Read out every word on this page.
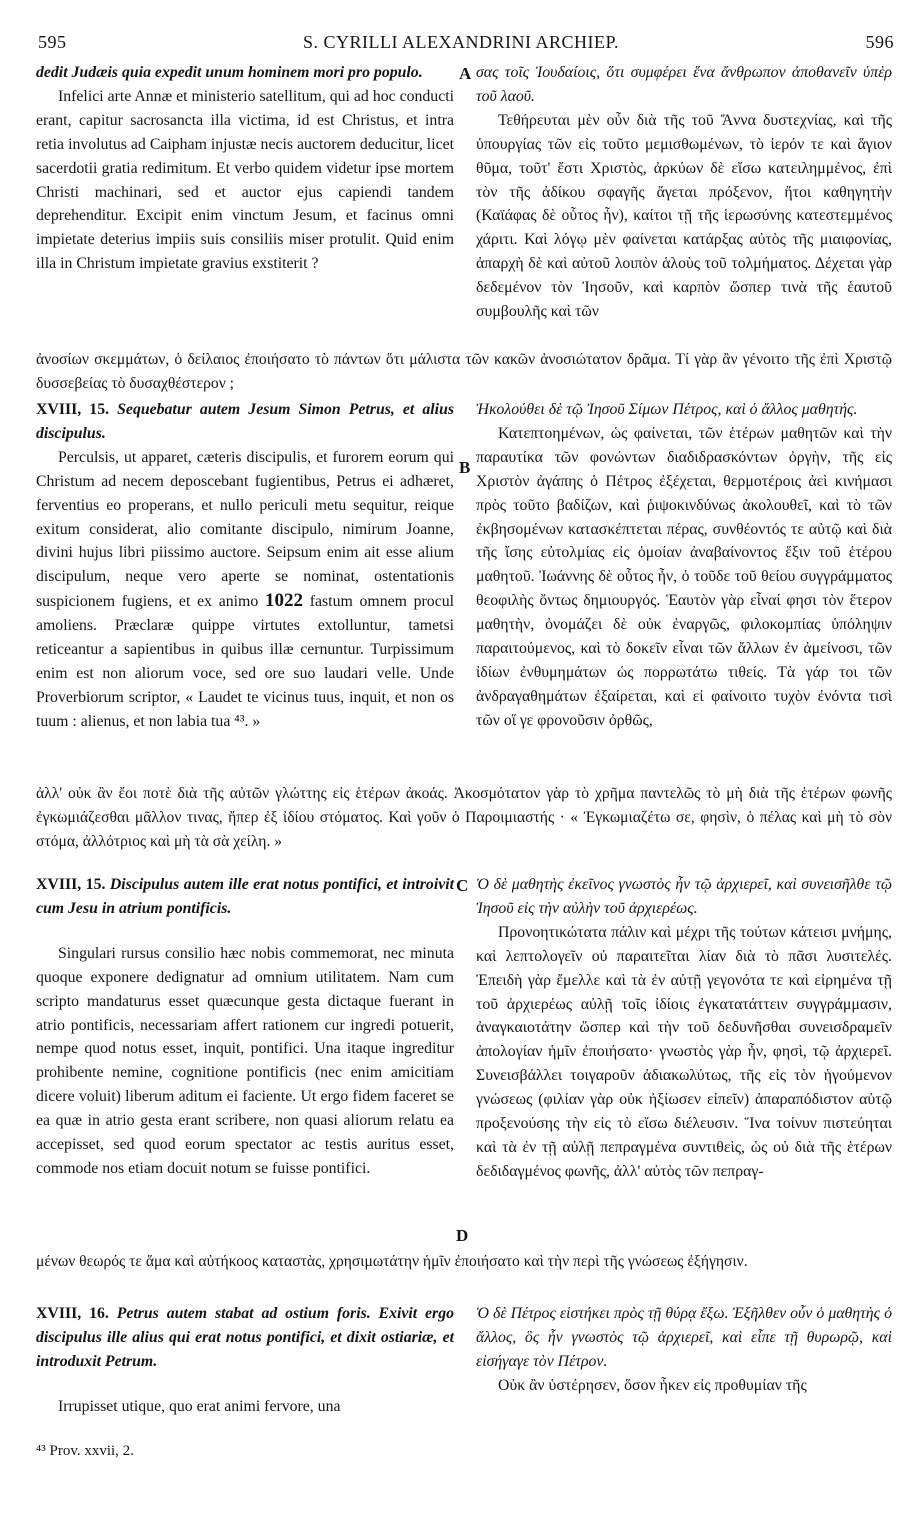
595	S. CYRILLI ALEXANDRINI ARCHIEP.	596

dedit Judæis quia expedit unum hominem mori pro populo.

Infelici arte Annæ et ministerio satellitum, qui ad hoc conducti erant, capitur sacrosancta illa victima, id est Christus, et intra retia involutus ad Caipham injustæ necis auctorem deducitur, licet sacerdotii gratia redimitum. Et verbo quidem videtur ipse mortem Christi machinari, sed et auctor ejus capiendi tandem deprehenditur. Excipit enim vinctum Jesum, et facinus omni impietate deterius impiis suis consiliis miser protulit. Quid enim illa in Christum impietate gravius exstiterit ?

A σας τοῖς Ἰουδαίοις, ὅτι συμφέρει ἕνα ἄνθρωπον ἀποθανεῖν ὑπὲρ τοῦ λαοῦ.

Τεθήρευται μὲν οὖν διὰ τῆς τοῦ Ἄννα δυστεχνίας, καὶ τῆς ὑπουργίας τῶν εἰς τοῦτο μεμισθωμένων, τὸ ἱερόν τε καὶ ἅγιον θῦμα, τοῦτ' ἔστι Χριστὸς, ἀρκύων δὲ εἴσω κατειλημμένος, ἐπὶ τὸν τῆς ἀδίκου σφαγῆς ἄγεται πρόξενον, ἤτοι καθηγητὴν (Καϊάφας δὲ οὗτος ἦν), καίτοι τῇ τῆς ἱερωσύνης κατεστεμμένος χάριτι. Καὶ λόγῳ μὲν φαίνεται κατάρξας αὐτὸς τῆς μιαιφονίας, ἀπαρχὴ δὲ καὶ αὐτοῦ λοιπὸν ἁλοὺς τοῦ τολμήματος. Δέχεται γὰρ δεδεμένον τὸν Ἰησοῦν, καὶ καρπὸν ὥσπερ τινὰ τῆς ἑαυτοῦ συμβουλῆς καὶ τῶν

ἀνοσίων σκεμμάτων, ὁ δείλαιος ἐποιήσατο τὸ πάντων ὅτι μάλιστα τῶν κακῶν ἀνοσιώτατον δρᾶμα. Τί γὰρ ἂν γένοιτο τῆς ἐπὶ Χριστῷ δυσσεβείας τὸ δυσαχθέστερον ;

XVIII, 15. Sequebatur autem Jesum Simon Petrus, et alius discipulus.

Perculsis, ut apparet, cæteris discipulis, et furorem eorum qui Christum ad necem deposcebant fugientibus, Petrus ei adhæret, ferventius eo properans, et nullo periculi metu sequitur, reique exitum considerat, alio comitante discipulo, nimirum Joanne, divini hujus libri piissimo auctore. Seipsum enim ait esse alium discipulum, neque vero aperte se nominat, ostentationis suspicionem fugiens, et ex animo 1022 fastum omnem procul amoliens. Præclaræ quippe virtutes extolluntur, tametsi reticeantur a sapientibus in quibus illæ cernuntur. Turpissimum enim est non aliorum voce, sed ore suo laudari velle. Unde Proverbiorum scriptor, « Laudet te vicinus tuus, inquit, et non os tuum : alienus, et non labia tua ⁴³. »

B

Ἠκολούθει δὲ τῷ Ἰησοῦ Σίμων Πέτρος, καὶ ὁ ἄλλος μαθητής.

Κατεπτοημένων, ὡς φαίνεται, τῶν ἑτέρων μαθητῶν καὶ τὴν παραυτίκα τῶν φονώντων διαδιδρασκόντων ὀργὴν, τῆς εἰς Χριστὸν ἀγάπης ὁ Πέτρος ἐξέχεται, θερμοτέροις ἀεὶ κινήμασι πρὸς τοῦτο βαδίζων, καὶ ῥιψοκινδύνως ἀκολουθεῖ, καὶ τὸ τῶν ἐκβησομένων κατασκέπτεται πέρας, συνθέοντός τε αὐτῷ καὶ διὰ τῆς ἴσης εὐτολμίας εἰς ὁμοίαν ἀναβαίνοντος ἕξιν τοῦ ἑτέρου μαθητοῦ. Ἰωάννης δὲ οὗτος ἦν, ὁ τοῦδε τοῦ θείου συγγράμματος θεοφιλὴς ὄντως δημιουργός. Ἑαυτὸν γὰρ εἶναί φησι τὸν ἕτερον μαθητὴν, ὀνομάζει δὲ οὐκ ἐναργῶς, φιλοκομπίας ὑπόληψιν παραιτούμενος, καὶ τὸ δοκεῖν εἶναι τῶν ἄλλων ἐν ἀμείνοσι, τῶν ἰδίων ἐνθυμημάτων ὡς πορρωτάτω τιθείς. Τὰ γάρ τοι τῶν ἀνδραγαθημάτων ἐξαίρεται, καὶ εἰ φαίνοιτο τυχὸν ἐνόντα τισὶ τῶν οἵ γε φρονοῦσιν ὀρθῶς,

ἀλλ' οὐκ ἂν ἔοι ποτὲ διὰ τῆς αὐτῶν γλώττης εἰς ἑτέρων ἀκοάς. Ἀκοσμότατον γὰρ τὸ χρῆμα παντελῶς τὸ μὴ διὰ τῆς ἑτέρων φωνῆς ἐγκωμιάζεσθαι μᾶλλον τινας, ἤπερ ἐξ ἰδίου στόματος. Καὶ γοῦν ὁ Παροιμιαστής · « Ἐγκωμιαζέτω σε, φησὶν, ὁ πέλας καὶ μὴ τὸ σὸν στόμα, ἀλλότριος καὶ μὴ τὰ σὰ χείλη. »

XVIII, 15. Discipulus autem ille erat notus pontifici, et introivit cum Jesu in atrium pontificis.

Singulari rursus consilio hæc nobis commemorat, nec minuta quoque exponere dedignatur ad omnium utilitatem. Nam cum scripto mandaturus esset quæcunque gesta dictaque fuerant in atrio pontificis, necessariam affert rationem cur ingredi potuerit, nempe quod notus esset, inquit, pontifici. Una itaque ingreditur prohibente nemine, cognitione pontificis (nec enim amicitiam dicere voluit) liberum aditum ei faciente. Ut ergo fidem faceret se ea quæ in atrio gesta erant scribere, non quasi aliorum relatu ea accepisset, sed quod eorum spectator ac testis auritus esset, commode nos etiam docuit notum se fuisse pontifici.

C
D

Ὁ δὲ μαθητὴς ἐκεῖνος γνωστὸς ἦν τῷ ἀρχιερεῖ, καὶ συνεισῆλθε τῷ Ἰησοῦ εἰς τὴν αὐλὴν τοῦ ἀρχιερέως.

Προνοητικώτατα πάλιν καὶ μέχρι τῆς τούτων κάτεισι μνήμης, καὶ λεπτολογεῖν οὐ παραιτεῖται λίαν διὰ τὸ πᾶσι λυσιτελές. Ἐπειδὴ γὰρ ἔμελλε καὶ τὰ ἐν αὐτῇ γεγονότα τε καὶ εἰρημένα τῇ τοῦ ἀρχιερέως αὐλῇ τοῖς ἰδίοις ἐγκατατάττειν συγγράμμασιν, ἀναγκαιοτάτην ὥσπερ καὶ τὴν τοῦ δεδυνῆσθαι συνεισδραμεῖν ἀπολογίαν ἡμῖν ἐποιήσατο· γνωστὸς γὰρ ἦν, φησὶ, τῷ ἀρχιερεῖ. Συνεισβάλλει τοιγαροῦν ἀδιακωλύτως, τῆς εἰς τὸν ἡγούμενον γνώσεως (φιλίαν γὰρ οὐκ ἠξίωσεν εἰπεῖν) ἀπαραπόδιστον αὐτῷ προξενούσης τὴν εἰς τὸ εἴσω διέλευσιν. Ἵνα τοίνυν πιστεύηται καὶ τὰ ἐν τῇ αὐλῇ πεπραγμένα συντιθεὶς, ὡς οὐ διὰ τῆς ἑτέρων δεδιδαγμένος φωνῆς, ἀλλ' αὐτὸς τῶν πεπραγ-

μένων θεωρός τε ἅμα καὶ αὐτήκοος καταστὰς, χρησιμωτάτην ἡμῖν ἐποιήσατο καὶ τὴν περὶ τῆς γνώσεως ἐξήγησιν.

XVIII, 16. Petrus autem stabat ad ostium foris. Exivit ergo discipulus ille alius qui erat notus pontifici, et dixit ostiariæ, et introduxit Petrum.

Irrupisset utique, quo erat animi fervore, una

Ὁ δὲ Πέτρος εἱστήκει πρὸς τῇ θύρᾳ ἔξω. Ἐξῆλθεν οὖν ὁ μαθητὴς ὁ ἄλλος, ὃς ἦν γνωστὸς τῷ ἀρχιερεῖ, καὶ εἶπε τῇ θυρωρῷ, καὶ εἰσήγαγε τὸν Πέτρον.

Οὐκ ἂν ὑστέρησεν, ὅσον ἧκεν εἰς προθυμίαν τῆς

⁴³ Prov. xxvii, 2.
